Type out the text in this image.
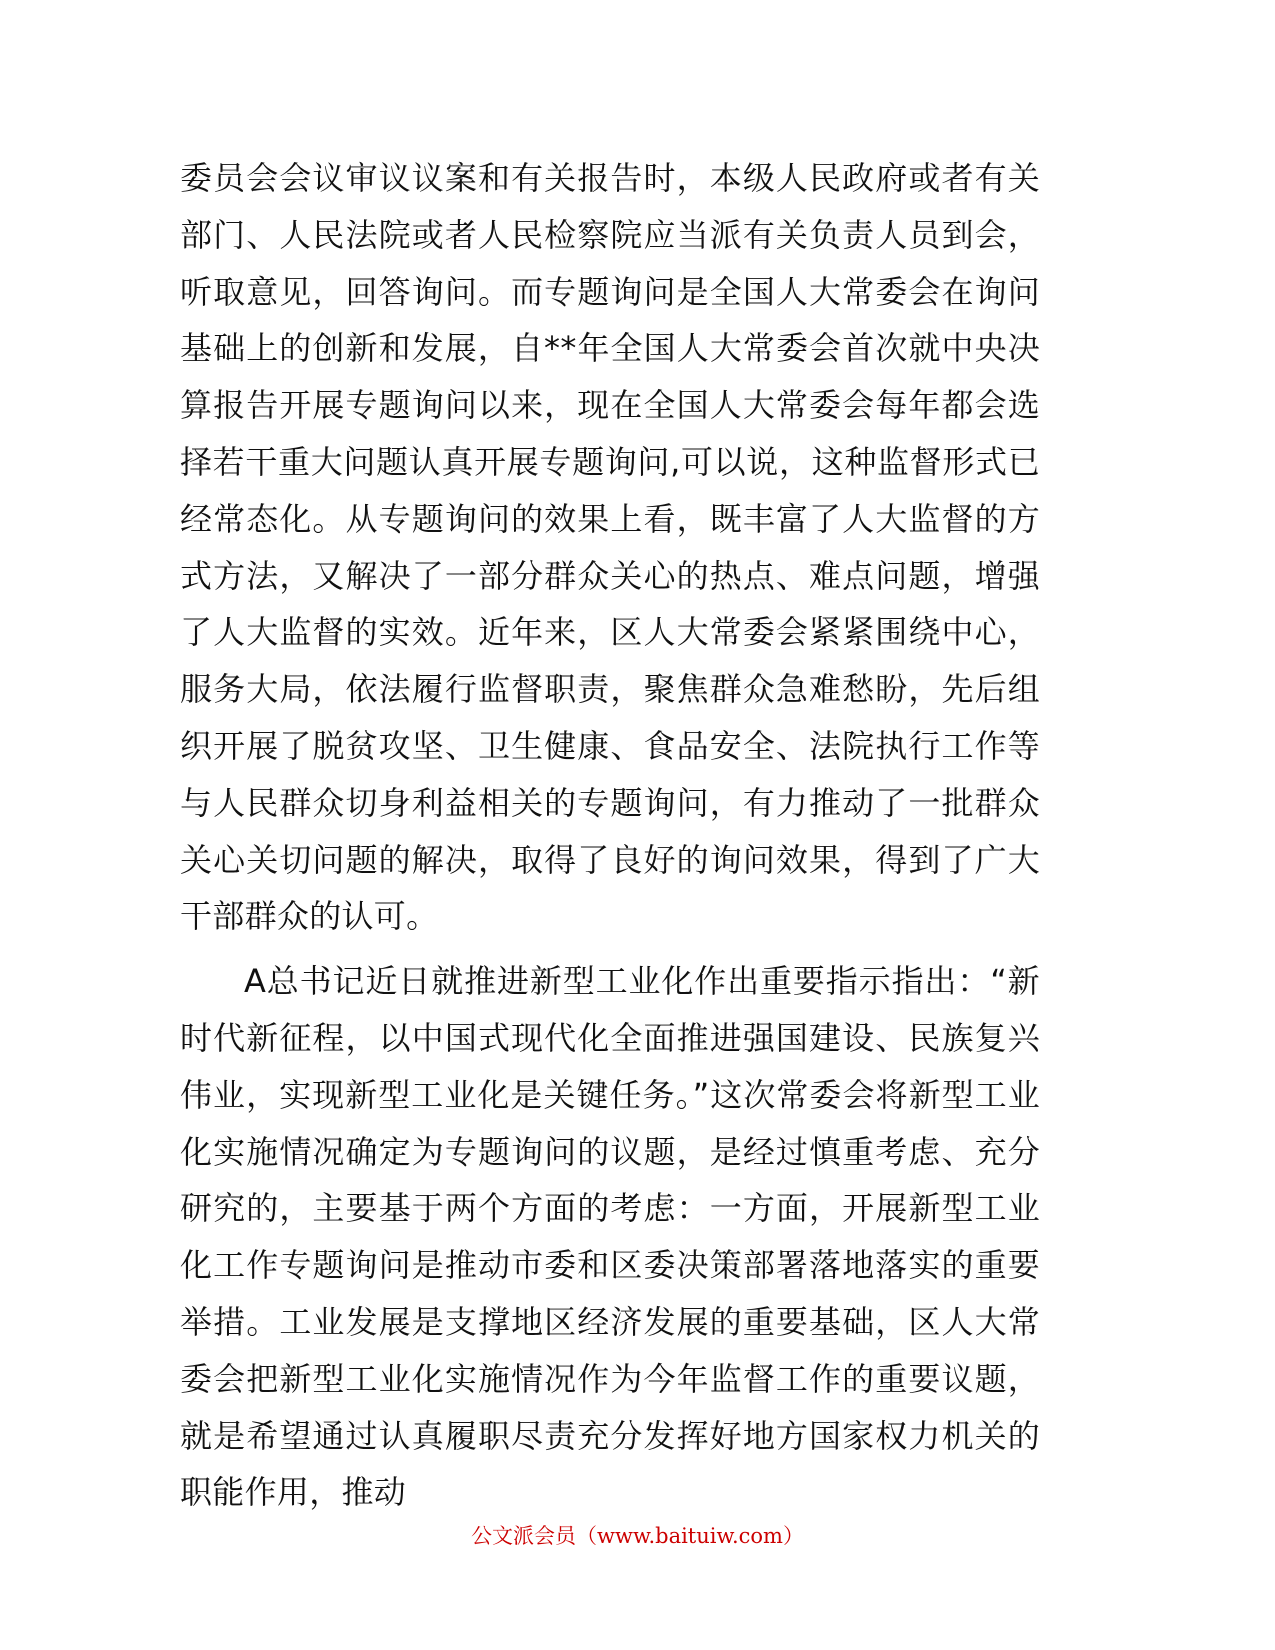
委员会会议审议议案和有关报告时，本级人民政府或者有关部门、人民法院或者人民检察院应当派有关负责人员到会，听取意见，回答询问。而专题询问是全国人大常委会在询问基础上的创新和发展，自**年全国人大常委会首次就中央决算报告开展专题询问以来，现在全国人大常委会每年都会选择若干重大问题认真开展专题询问,可以说，这种监督形式已经常态化。从专题询问的效果上看，既丰富了人大监督的方式方法，又解决了一部分群众关心的热点、难点问题，增强了人大监督的实效。近年来，区人大常委会紧紧围绕中心，服务大局，依法履行监督职责，聚焦群众急难愁盼，先后组织开展了脱贫攻坚、卫生健康、食品安全、法院执行工作等与人民群众切身利益相关的专题询问，有力推动了一批群众关心关切问题的解决，取得了良好的询问效果，得到了广大干部群众的认可。

A总书记近日就推进新型工业化作出重要指示指出：“新时代新征程，以中国式现代化全面推进强国建设、民族复兴伟业，实现新型工业化是关键任务。”这次常委会将新型工业化实施情况确定为专题询问的议题，是经过慎重考虑、充分研究的，主要基于两个方面的考虑：一方面，开展新型工业化工作专题询问是推动市委和区委决策部署落地落实的重要举措。工业发展是支撑地区经济发展的重要基础，区人大常委会把新型工业化实施情况作为今年监督工作的重要议题，就是希望通过认真履职尽责充分发挥好地方国家权力机关的职能作用，推动

公文派会员（www.baituiw.com）
